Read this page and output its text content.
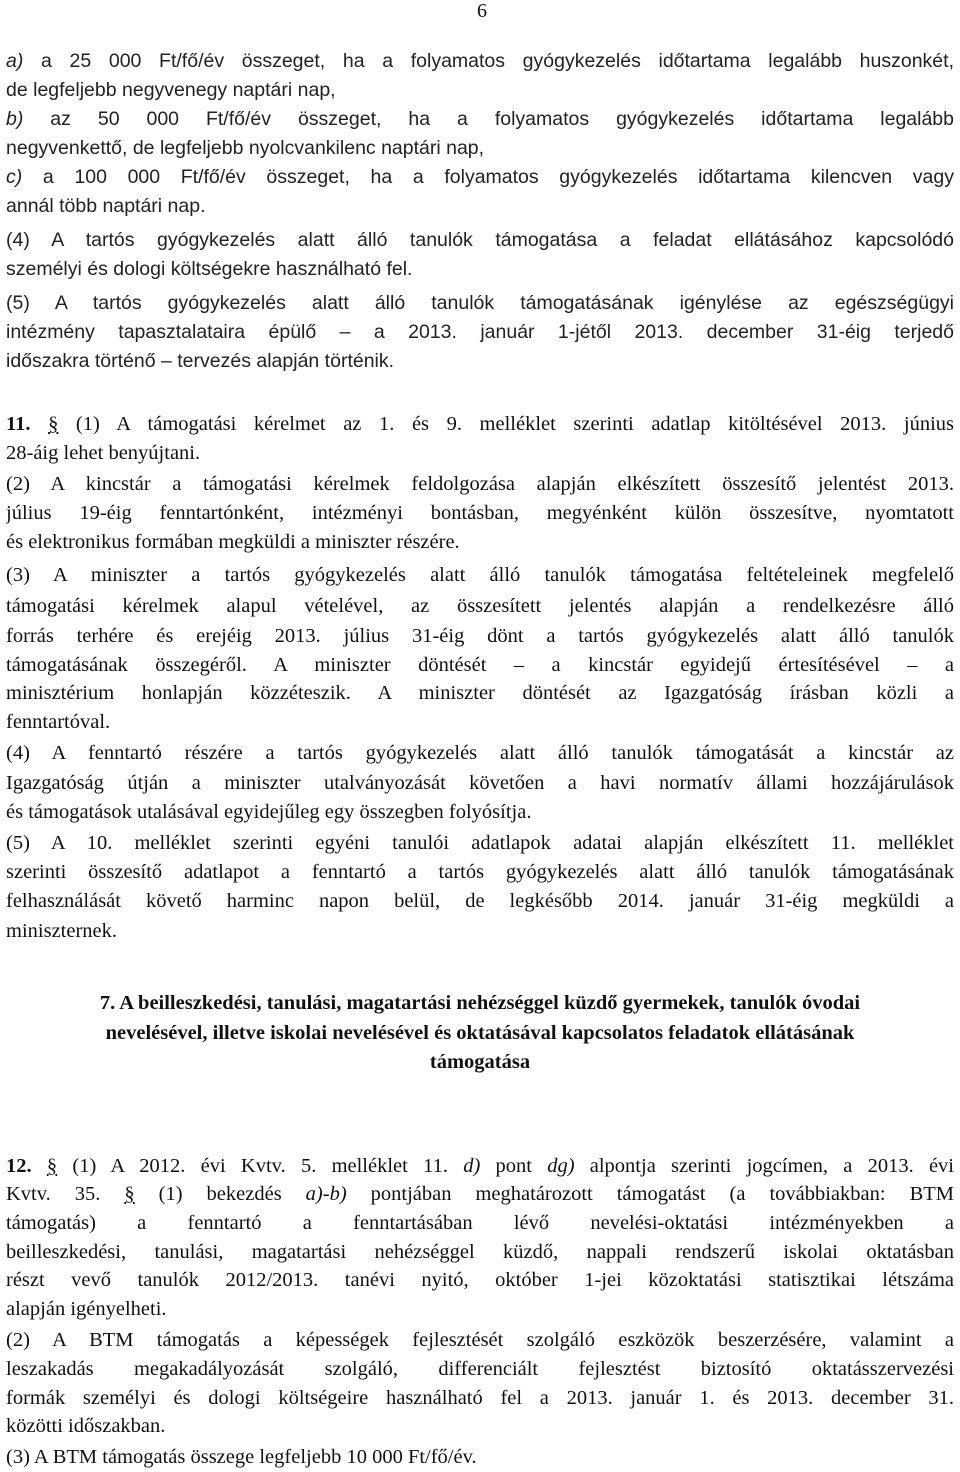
6
a) a 25 000 Ft/fő/év összeget, ha a folyamatos gyógykezelés időtartama legalább huszonkét,
de legfeljebb negyvenegy naptári nap,
b) az 50 000 Ft/fő/év összeget, ha a folyamatos gyógykezelés időtartama legalább
negyvenkettő, de legfeljebb nyolcvankilenc naptári nap,
c) a 100 000 Ft/fő/év összeget, ha a folyamatos gyógykezelés időtartama kilencven vagy
annál több naptári nap.
(4) A tartós gyógykezelés alatt álló tanulók támogatása a feladat ellátásához kapcsolódó
személyi és dologi költségekre használható fel.
(5) A tartós gyógykezelés alatt álló tanulók támogatásának igénylése az egészségügyi
intézmény tapasztalataira épülő – a 2013. január 1-jétől 2013. december 31-éig terjedő
időszakra történő – tervezés alapján történik.
11. § (1) A támogatási kérelmet az 1. és 9. melléklet szerinti adatlap kitöltésével 2013. június
28-áig lehet benyújtani.
(2) A kincstár a támogatási kérelmek feldolgozása alapján elkészített összesítő jelentést 2013.
július 19-éig fenntartónként, intézményi bontásban, megyénként külön összesítve, nyomtatott
és elektronikus formában megküldi a miniszter részére.
(3) A miniszter a tartós gyógykezelés alatt álló tanulók támogatása feltételeinek megfelelő
támogatási kérelmek alapul vételével, az összesített jelentés alapján a rendelkezésre álló
forrás terhére és erejéig 2013. július 31-éig dönt a tartós gyógykezelés alatt álló tanulók
támogatásának összegéről. A miniszter döntését – a kincstár egyidejű értesítésével – a
minisztérium honlapján közzéteszik. A miniszter döntését az Igazgatóság írásban közli a
fenntartóval.
(4) A fenntartó részére a tartós gyógykezelés alatt álló tanulók támogatását a kincstár az
Igazgatóság útján a miniszter utalványozását követően a havi normatív állami hozzájárulások
és támogatások utalásával egyidejűleg egy összegben folyósítja.
(5) A 10. melléklet szerinti egyéni tanulói adatlapok adatai alapján elkészített 11. melléklet
szerinti összesítő adatlapot a fenntartó a tartós gyógykezelés alatt álló tanulók támogatásának
felhasználását követő harminc napon belül, de legkésőbb 2014. január 31-éig megküldi a
miniszternek.
7. A beilleszkedési, tanulási, magatartási nehézséggel küzdő gyermekek, tanulók óvodai
nevelésével, illetve iskolai nevelésével és oktatásával kapcsolatos feladatok ellátásának
támogatása
12. § (1) A 2012. évi Kvtv. 5. melléklet 11. d) pont dg) alpontja szerinti jogcímen, a 2013. évi
Kvtv. 35. § (1) bekezdés a)-b) pontjában meghatározott támogatást (a továbbiakban: BTM
támogatás) a fenntartó a fenntartásában lévő nevelési-oktatási intézményekben a
beilleszkedési, tanulási, magatartási nehézséggel küzdő, nappali rendszerű iskolai oktatásban
részt vevő tanulók 2012/2013. tanévi nyitó, október 1-jei közoktatási statisztikai létszáma
alapján igényelheti.
(2) A BTM támogatás a képességek fejlesztését szolgáló eszközök beszerzésére, valamint a
leszakadás megakadályozását szolgáló, differenciált fejlesztést biztosító oktatásszervezési
formák személyi és dologi költségeire használható fel a 2013. január 1. és 2013. december 31.
közötti időszakban.
(3) A BTM támogatás összege legfeljebb 10 000 Ft/fő/év.
